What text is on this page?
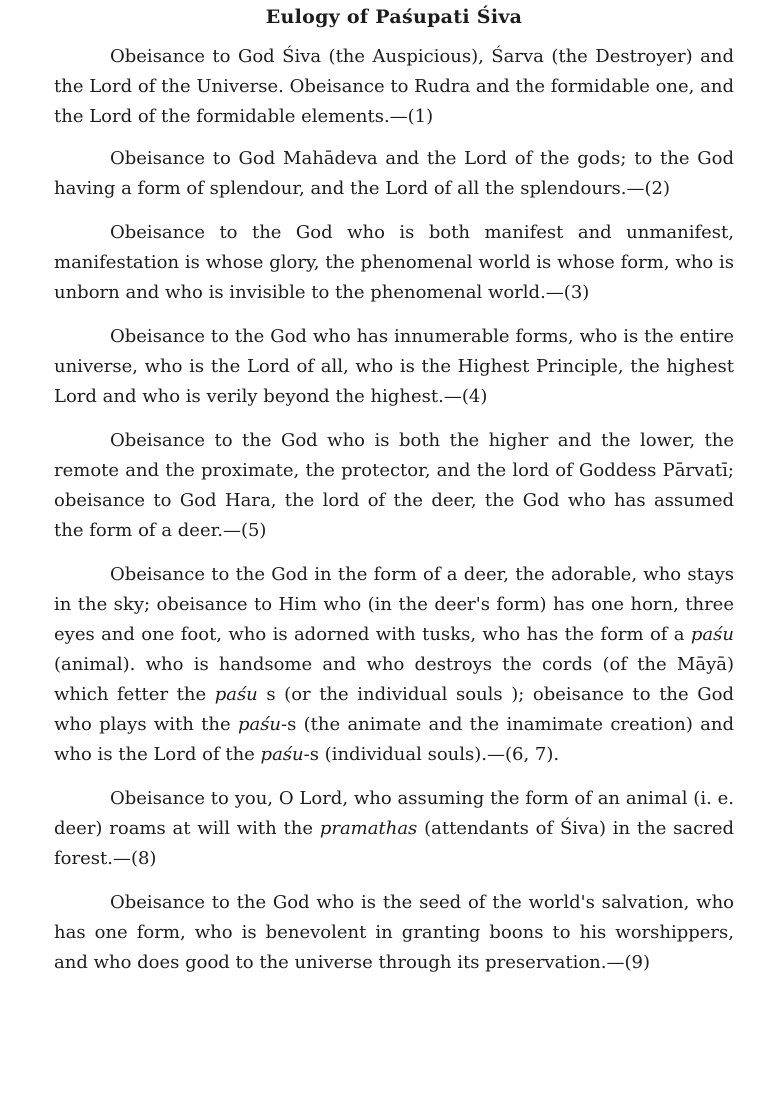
Eulogy of Paśupati Śiva

Obeisance to God Śiva (the Auspicious), Śarva (the Destroyer) and the Lord of the Universe. Obeisance to Rudra and the formidable one, and the Lord of the formidable elements.—(1)

Obeisance to God Mahādeva and the Lord of the gods; to the God having a form of splendour, and the Lord of all the splendours.—(2)

Obeisance to the God who is both manifest and unmanifest, manifestation is whose glory, the phenomenal world is whose form, who is unborn and who is invisible to the phenomenal world.—(3)

Obeisance to the God who has innumerable forms, who is the entire universe, who is the Lord of all, who is the Highest Principle, the highest Lord and who is verily beyond the highest.—(4)

Obeisance to the God who is both the higher and the lower, the remote and the proximate, the protector, and the lord of Goddess Pārvatī; obeisance to God Hara, the lord of the deer, the God who has assumed the form of a deer.—(5)

Obeisance to the God in the form of a deer, the adorable, who stays in the sky; obeisance to Him who (in the deer's form) has one horn, three eyes and one foot, who is adorned with tusks, who has the form of a paśu (animal). who is handsome and who destroys the cords (of the Māyā) which fetter the paśu s (or the individual souls ); obeisance to the God who plays with the paśu-s (the animate and the inamimate creation) and who is the Lord of the paśu-s (individual souls).—(6, 7).

Obeisance to you, O Lord, who assuming the form of an animal (i. e. deer) roams at will with the pramathas (attendants of Śiva) in the sacred forest.—(8)

Obeisance to the God who is the seed of the world's salvation, who has one form, who is benevolent in granting boons to his worshippers, and who does good to the universe through its preservation.—(9)
